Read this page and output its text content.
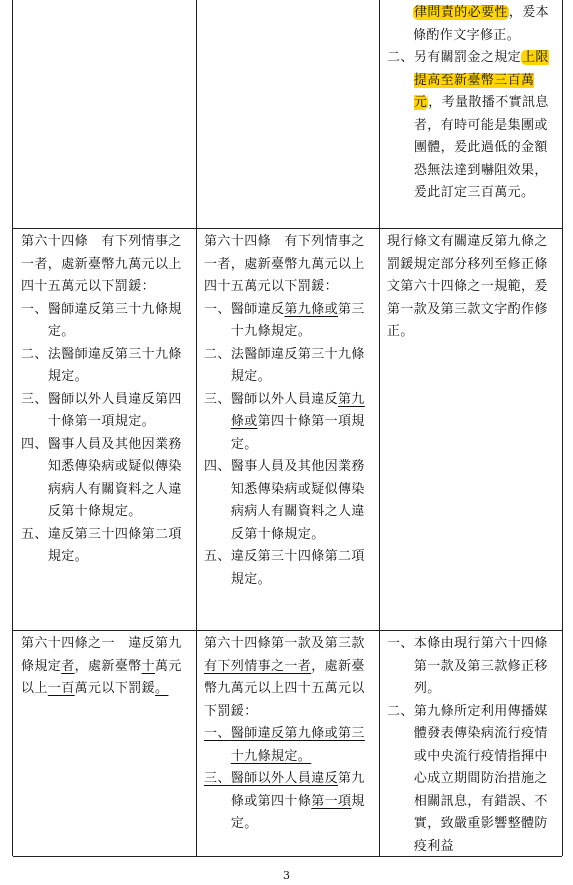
律問責的必要性，爰本條酌作文字修正。
二、 另有關罰金之規定上限提高至新臺幣三百萬元，考量散播不實訊息者，有時可能是集團或團體，爰此過低的金額恐無法達到嚇阻效果，爰此訂定三百萬元。
第六十四條　有下列情事之一者，處新臺幣九萬元以上四十五萬元以下罰鍰：
一、 醫師違反第三十九條規定。
二、 法醫師違反第三十九條規定。
三、 醫師以外人員違反第四十條第一項規定。
四、 醫事人員及其他因業務知悉傳染病或疑似傳染病病人有關資料之人違反第十條規定。
五、 違反第三十四條第二項規定。
第六十四條　有下列情事之一者，處新臺幣九萬元以上四十五萬元以下罰鍰：
一、 醫師違反第九條或第三十九條規定。
二、 法醫師違反第三十九條規定。
三、 醫師以外人員違反第九條或第四十條第一項規定。
四、 醫事人員及其他因業務知悉傳染病或疑似傳染病病人有關資料之人違反第十條規定。
五、 違反第三十四條第二項規定。
現行條文有關違反第九條之罰鍰規定部分移列至修正條文第六十四條之一規範，爰第一款及第三款文字酌作修正。
第六十四條之一　違反第九條規定者，處新臺幣十萬元以上一百萬元以下罰鍰。
第六十四條第一款及第三款有下列情事之一者，處新臺幣九萬元以上四十五萬元以下罰鍰：
一、 醫師違反第九條或第三十九條規定。
三、 醫師以外人員違反第九條或第四十條第一項規定。
一、 本條由現行第六十四條第一款及第三款修正移列。
二、 第九條所定利用傳播媒體發表傳染病流行疫情或中央流行疫情指揮中心成立期間防治措施之相關訊息，有錯誤、不實，致嚴重影響整體防疫利益
3
